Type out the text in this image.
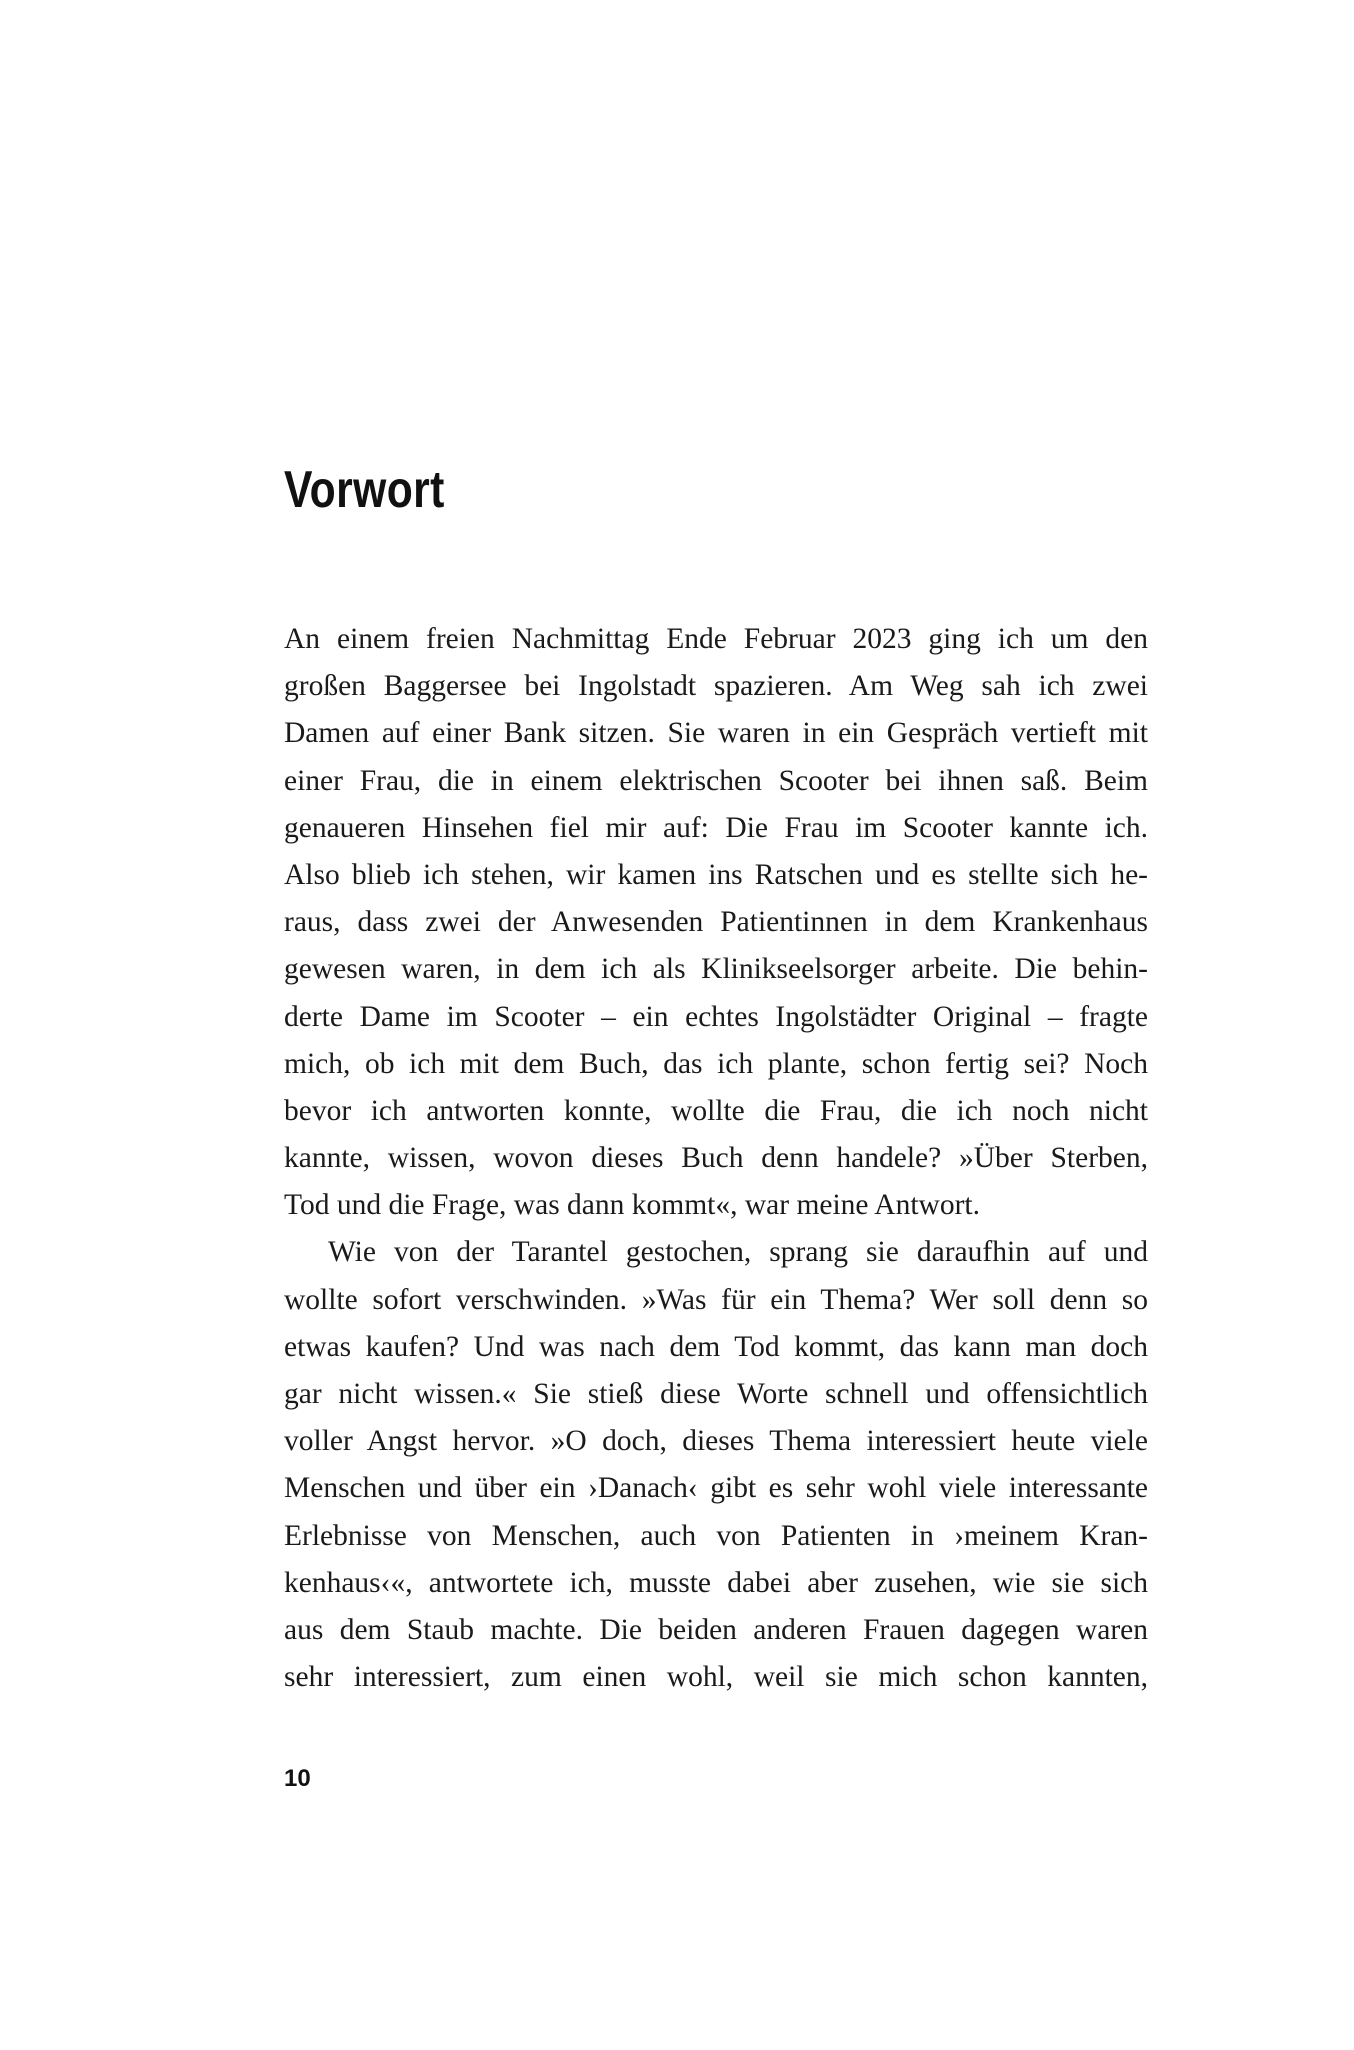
Vorwort
An einem freien Nachmittag Ende Februar 2023 ging ich um den
großen Baggersee bei Ingolstadt spazieren. Am Weg sah ich zwei
Damen auf einer Bank sitzen. Sie waren in ein Gespräch vertieft mit
einer Frau, die in einem elektrischen Scooter bei ihnen saß. Beim
genaueren Hinsehen fiel mir auf: Die Frau im Scooter kannte ich.
Also blieb ich stehen, wir kamen ins Ratschen und es stellte sich he-
raus, dass zwei der Anwesenden Patientinnen in dem Krankenhaus
gewesen waren, in dem ich als Klinikseelsorger arbeite. Die behin-
derte Dame im Scooter – ein echtes Ingolstädter Original – fragte
mich, ob ich mit dem Buch, das ich plante, schon fertig sei? Noch
bevor ich antworten konnte, wollte die Frau, die ich noch nicht
kannte, wissen, wovon dieses Buch denn handele? »Über Sterben,
Tod und die Frage, was dann kommt«, war meine Antwort.
Wie von der Tarantel gestochen, sprang sie daraufhin auf und
wollte sofort verschwinden. »Was für ein Thema? Wer soll denn so
etwas kaufen? Und was nach dem Tod kommt, das kann man doch
gar nicht wissen.« Sie stieß diese Worte schnell und offensichtlich
voller Angst hervor. »O doch, dieses Thema interessiert heute viele
Menschen und über ein ›Danach‹ gibt es sehr wohl viele interessante
Erlebnisse von Menschen, auch von Patienten in ›meinem Kran-
kenhaus‹«, antwortete ich, musste dabei aber zusehen, wie sie sich
aus dem Staub machte. Die beiden anderen Frauen dagegen waren
sehr interessiert, zum einen wohl, weil sie mich schon kannten,
10
